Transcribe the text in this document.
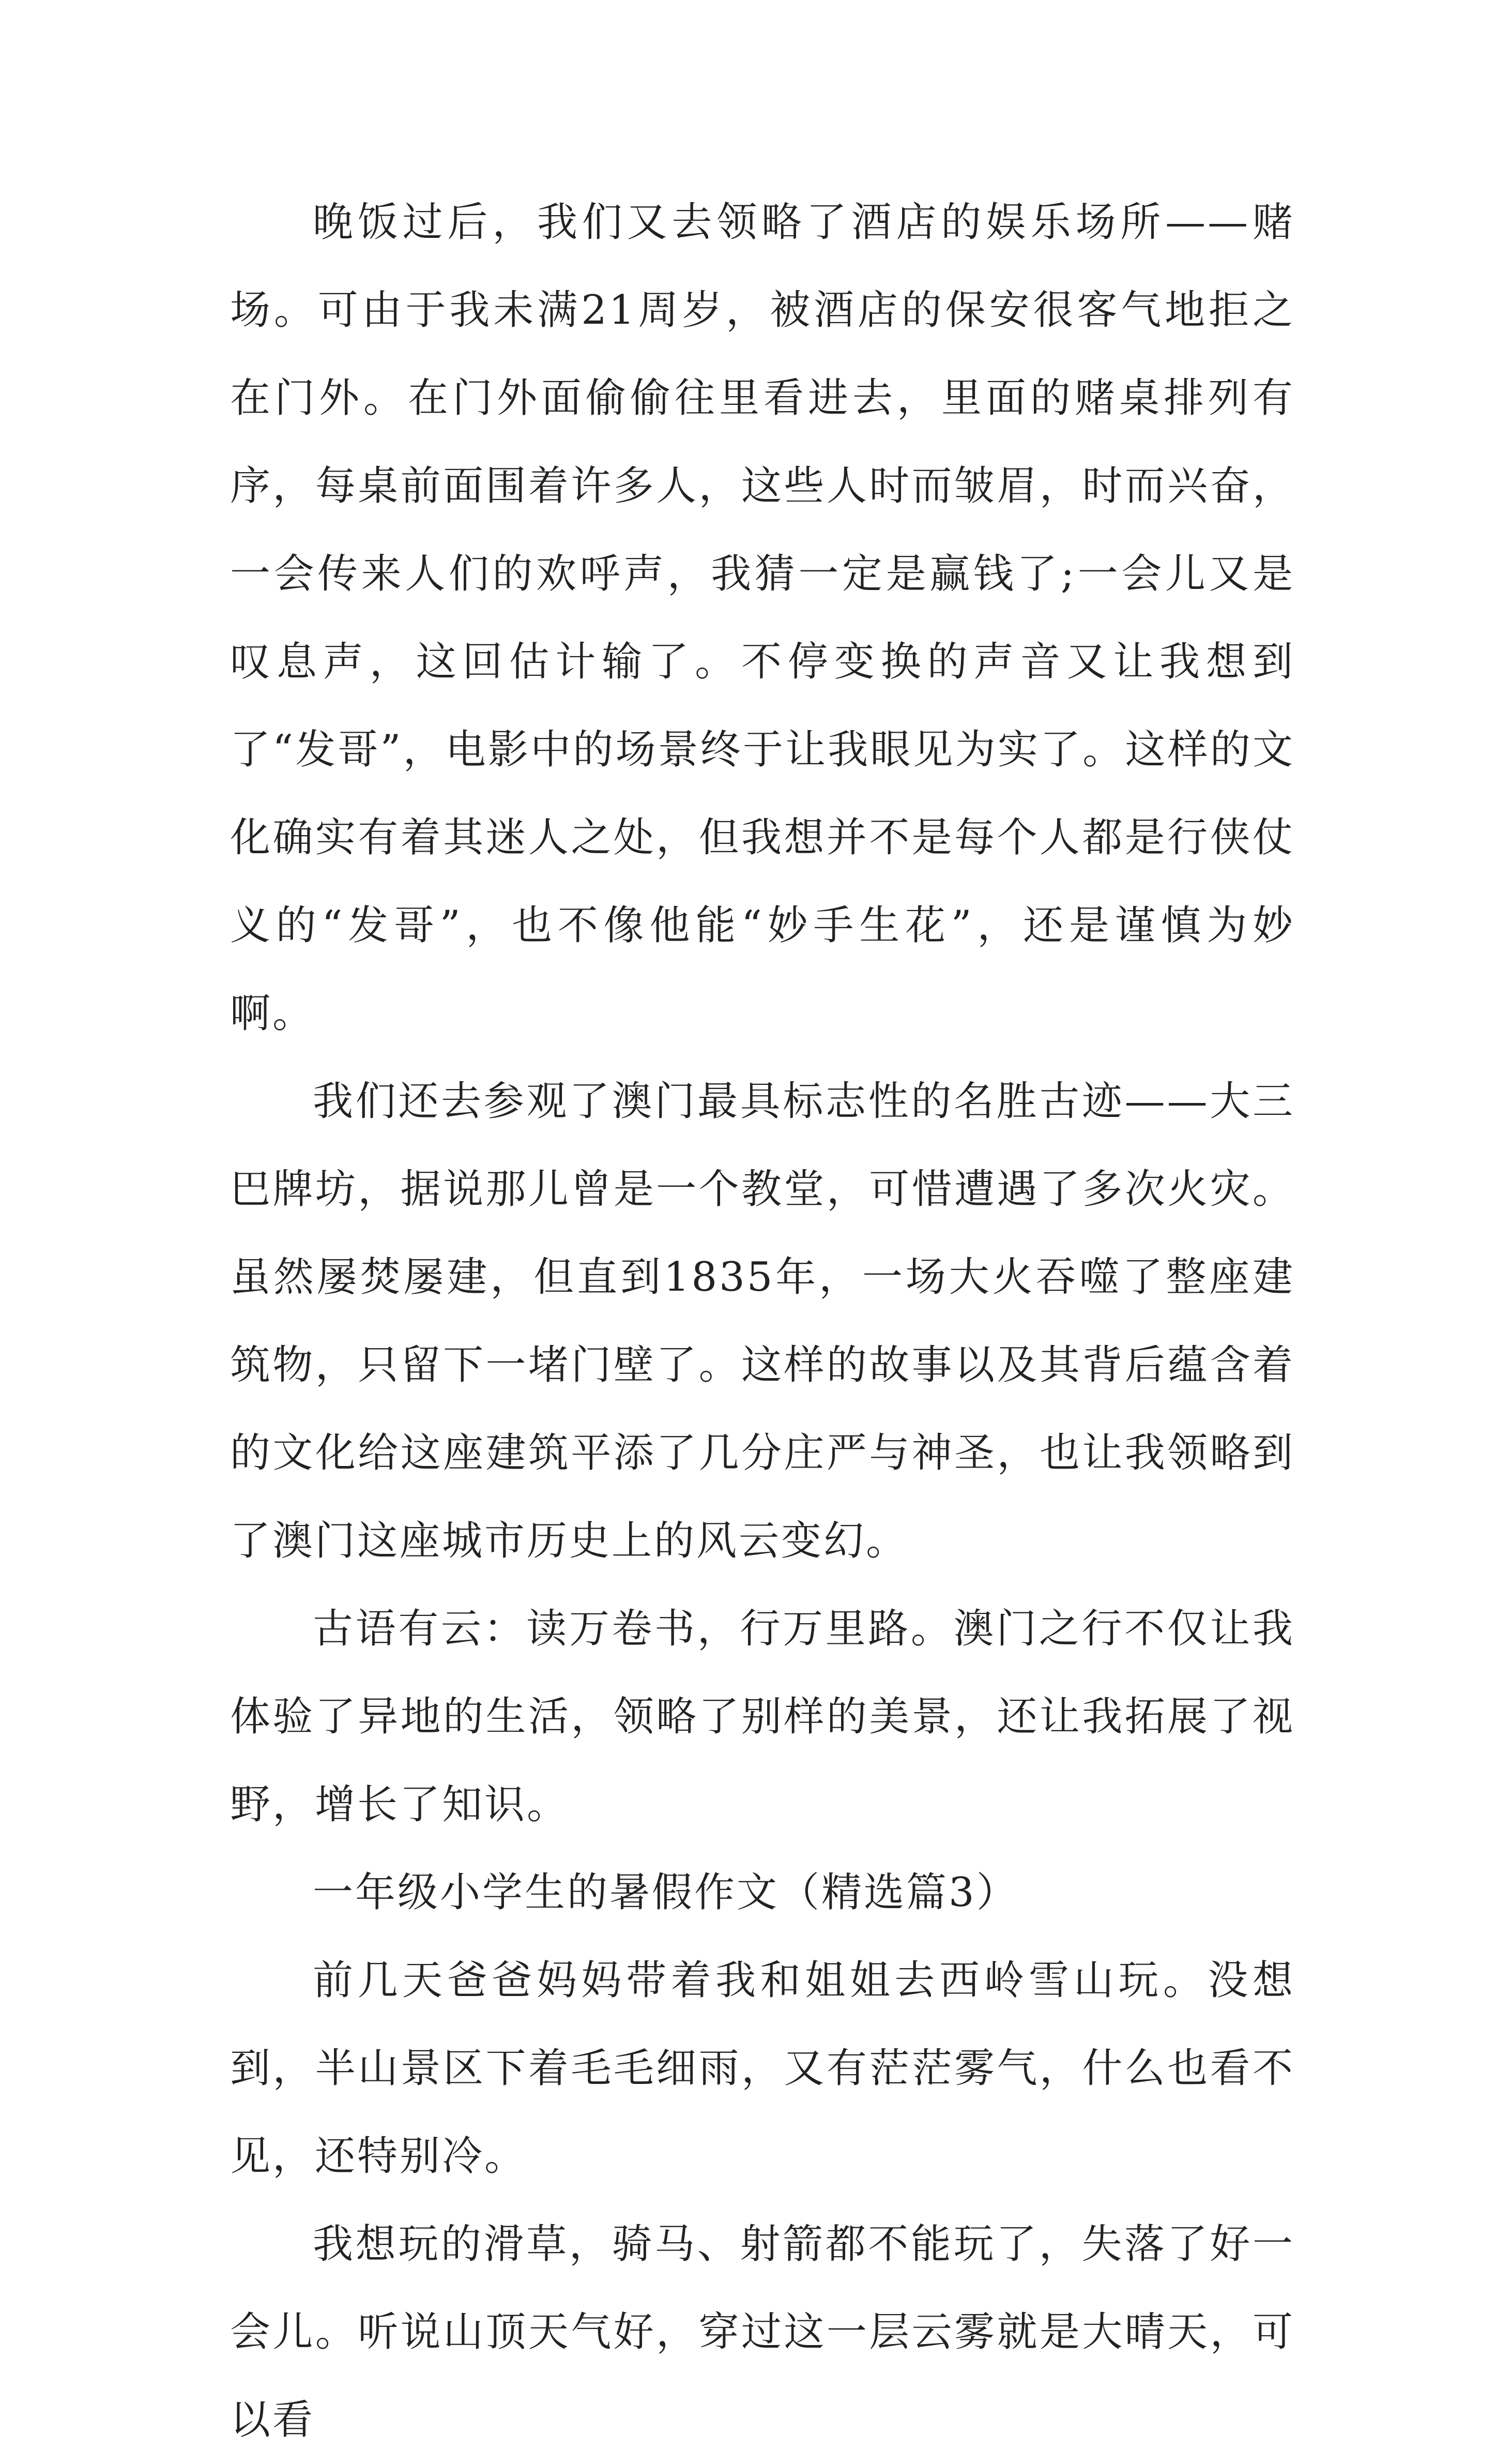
晚饭过后，我们又去领略了酒店的娱乐场所——赌场。可由于我未满21周岁，被酒店的保安很客气地拒之在门外。在门外面偷偷往里看进去，里面的赌桌排列有序，每桌前面围着许多人，这些人时而皱眉，时而兴奋，一会传来人们的欢呼声，我猜一定是赢钱了;一会儿又是叹息声，这回估计输了。不停变换的声音又让我想到了“发哥”，电影中的场景终于让我眼见为实了。这样的文化确实有着其迷人之处，但我想并不是每个人都是行侠仗义的“发哥”，也不像他能“妙手生花”，还是谨慎为妙啊。

我们还去参观了澳门最具标志性的名胜古迹——大三巴牌坊，据说那儿曾是一个教堂，可惜遭遇了多次火灾。虽然屡焚屡建，但直到1835年，一场大火吞噬了整座建筑物，只留下一堵门壁了。这样的故事以及其背后蕴含着的文化给这座建筑平添了几分庄严与神圣，也让我领略到了澳门这座城市历史上的风云变幻。

古语有云：读万卷书，行万里路。澳门之行不仅让我体验了异地的生活，领略了别样的美景，还让我拓展了视野，增长了知识。

一年级小学生的暑假作文（精选篇3）

前几天爸爸妈妈带着我和姐姐去西岭雪山玩。没想到，半山景区下着毛毛细雨，又有茫茫雾气，什么也看不见，还特别冷。

我想玩的滑草，骑马、射箭都不能玩了，失落了好一会儿。听说山顶天气好，穿过这一层云雾就是大晴天，可以看
